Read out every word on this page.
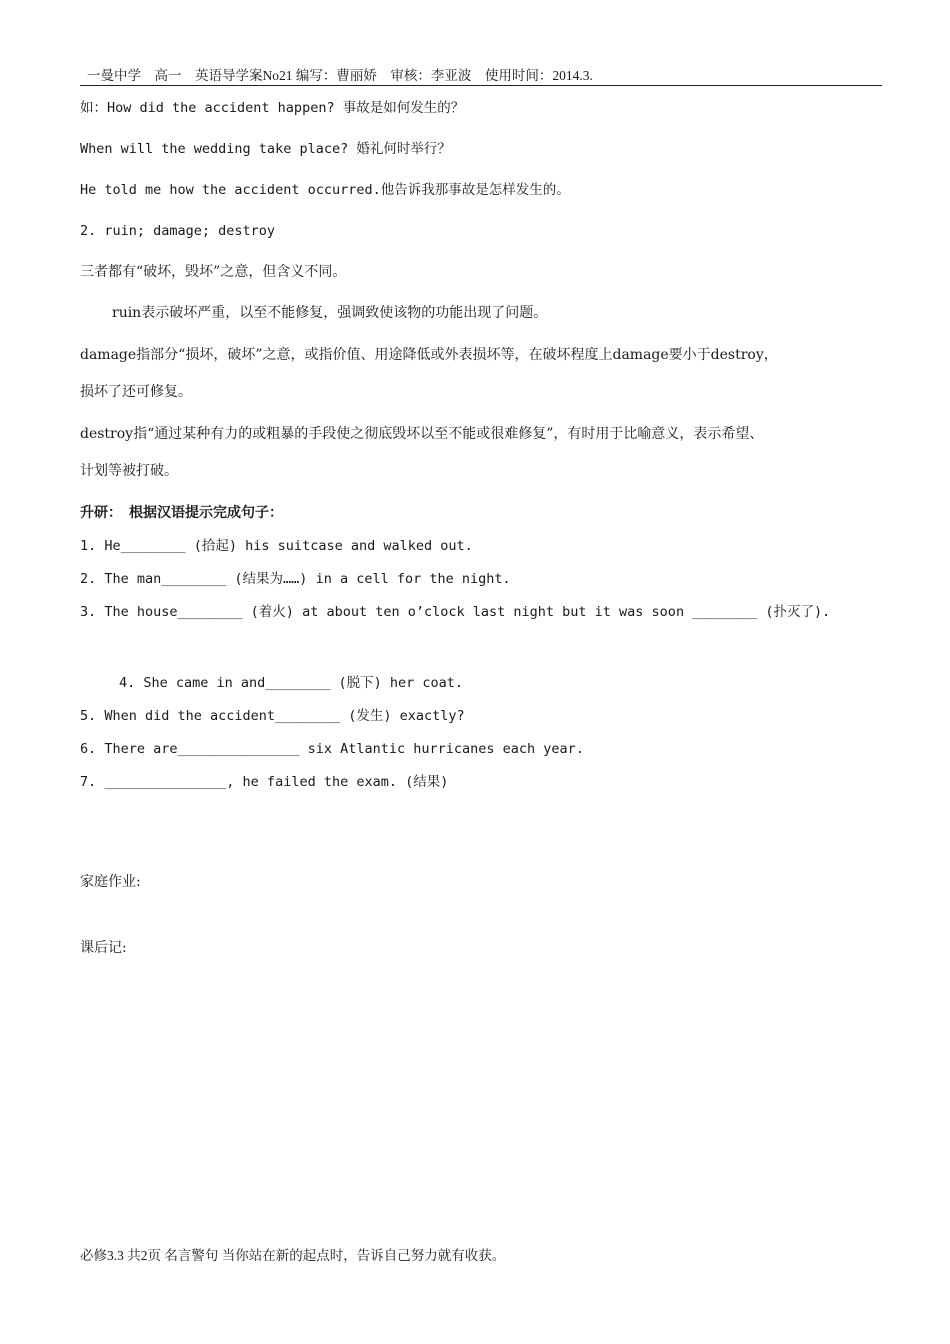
一曼中学　高一　英语导学案No21 编写：曹丽娇　审核：李亚波　使用时间：2014.3.
如：How did the accident happen? 事故是如何发生的？
When will the wedding take place? 婚礼何时举行？
He told me how the accident occurred.他告诉我那事故是怎样发生的。
2. ruin; damage; destroy
三者都有“破坏，毁坏”之意，但含义不同。
ruin表示破坏严重，以至不能修复，强调致使该物的功能出现了问题。
damage指部分“损坏，破坏”之意，或指价值、用途降低或外表损坏等，在破坏程度上damage要小于destroy，
损坏了还可修复。
destroy指“通过某种有力的或粗暴的手段使之彻底毁坏以至不能或很难修复”，有时用于比喻意义，表示希望、
计划等被打破。
升研：　根据汉语提示完成句子：
1. He________ (拾起) his suitcase and walked out.
2. The man________ (结果为……) in a cell for the night.
3. The house________ (着火) at about ten o’clock last night but it was soon ________ (扑灭了).
4. She came in and________ (脱下) her coat.
5. When did the accident________ (发生) exactly?
6. There are_______________ six Atlantic hurricanes each year.
7. _______________, he failed the exam. (结果)
家庭作业:
课后记:
必修3.3 共2页 名言警句 当你站在新的起点时，告诉自己努力就有收获。
